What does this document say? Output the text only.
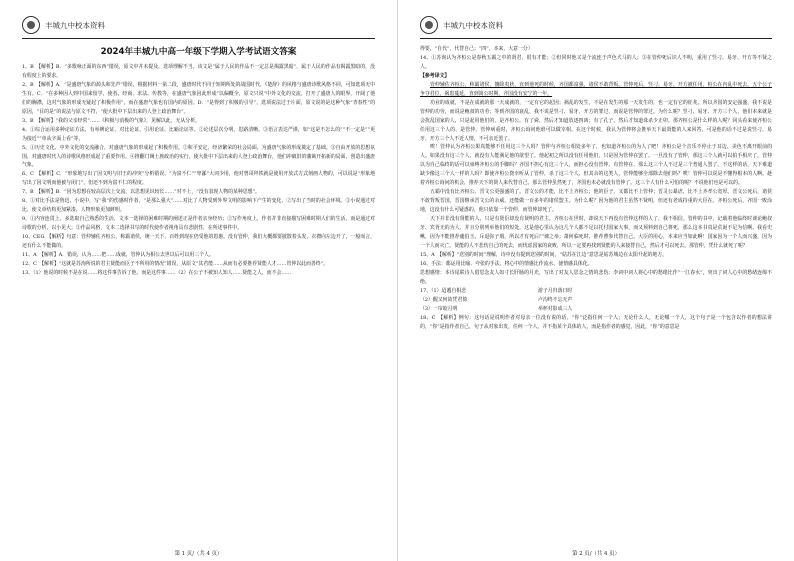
丰城九中校本资料
2024年丰城九中高一年级下学期入学考试语文答案

1、B　【解析】B．“多歌咏正面的东西”错误，原文中并未提及，选项理解不当。该文是“属于人民的作品不一定总是揭露黑暗”，属于人民的作品有揭露黑暗的，没有程度上的要求。

2、B　【解析】A．“是盛唐气象的源头和先声”错误，根据材料一第二段，盛唐时代不同于短期所处的战国时代，《楚辞》的风格与盛唐诗歌风格不同，可知选项无中生有。C．“在多种因人到中国来留学、使者、经商、求法、传教等，在盛唐气象因此形成”以偏概全，原文只说“中外文化的交流，打开了盛唐人的眼界，开阔了他们的胸襟，这对气象的形成无疑起了积极作用”，而在盛唐气象也有国内的原因。D．“是得到了积极的引导”，选项说法过于片面，原文说的是这种气象“青春性”的原因，“目的是”的说法与原文不符，“使大批中下层出来的人登上政治舞台”。

3、B　【解析】“我的父亲经常”……《积极与消极的气象》，见解以此，无从分析。

4、①综合运用多种论证方法，有举例论证、对比论证、引用论证、比喻论证等。②论述层次分明，思路清晰。③语言表达严谨，如“这是不怎么的”“不一定是”“更为接近”“单从字面上看”等。

5、①历史文化、中外文化的交流融合，对盛唐气象的形成起了积极作用。②和平安定、经济繁荣的社会局面，为盛唐气象的形成奠定了基础。③自由开放的思想氛围，对盛唐时代人的诗歌风格形成起了重要作用。④推翻门阀士族政治的实行，使大批中下层出来的人登上政治舞台，他们冲破旧的藩篱开拓新的局面，创造出盛唐气象。

6、C　【解析】C．“形象地写出了因文明与旧王的冲突”分析错误，“为富不仁”“卑鄙”大词少用，他对曾哥拜铁就是使用开放式方式刻画人物的，可以说是“形象地写出了因文明而他被与闭门”，但还不到为富不仁的程度。

7、B　【解析】B．“因为思想在较高层次上交流，以思想见识较长……”对不上，“没有表现人物的某种思想”。

8、①对比手法是鲁迅，小说中，写“我”的伤感时作者，“是那么强大”……对比了人物受到外界文明的影响下产生的变化，②写出了当时的社会环境。③小说通过对比，使文章结构更加紧凑，人物形象更加鲜明。

9、①内容连贯上，多选取自己熟悉的生活，文本一选择的困难时期的阐述正是作者亲身经历；②写作角度上，作者并非直接描写困难时期人们的生活，而是通过对诗歌的分析，以小见大；③作品风格，文本二选择书写的时代使作者视角具有悲剧性，在所述事件中。

10、CEG　【解析】句意：管仲辅佐齐桓公，称霸诸侯，统一天下，百姓到现在仍受他的恩惠。没有管仲，我们大概都要披散着头发，衣襟向左边开了，一般而言，还有什么不能做的。

11、A　【解析】A．错误，认为……把……成就，管仲认为相公去世以后可以用三个人。

12、C　【解析】“这就是苏洵所说的君主贤能而臣子不所用的情况”错误，从原文“其君能……从而有必要推荐贤能人才……管仲以此而善终”。

13、（1）他说的时候不是在说……将这件事告诉了他，而是这件事……（2）在公子不被知人知人……贤能之人，而不会……

第 1 页/（共 4 页）
丰城九中校本资料

得要，“自代”，代替自己；“四”，本来，大意一分）

14、①苏洵认为齐桓公是春秋五霸之中的贤君，很有才能；②但同时他又是个流连于声色犬马的人；③在管仲死后识人不明，重用了竖刁、易牙、开方等不贤之人。

【参考译文】

管仲辅佐齐桓公，称霸诸侯，攘除夷狄，直到他死的时候，齐国都富强，诸侯不敢背叛。管仲死后，竖刁、易牙、开方被任用，桓公在内乱中死去，五个公子争夺君位，祸患蔓延，直到简公时期，齐国没有安宁的一年。

功业的成就，不是在成就的那一天成就的，一定有它的起因；祸乱的发生，不是在发生的那一天发生的，也一定有它的征兆。所以齐国的安定强盛，我不说是管仲的功劳，而说是鲍叔的功劳；等到齐国的衰乱，我不说是竖刁、易牙、开方的罪过，而说是管仲的罪过。为什么呢？竖刁、易牙、开方三个人，他们本来就是会扰乱国家的人，只是起用他们的，是齐桓公。有了舜，然后才知道放逐四凶；有了孔子，然后才知道诛杀少正卯。那齐桓公是什么样的人呢？回头看来使齐桓公任用这三个人的，是管仲。管仲病重时，齐桓公询问他谁可以做宰相。在这个时候，我认为管仲将会推举天下最贤能的人来回答，可是他的话不过是说竖刁、易牙、开方三个人不近人情，不可亲近罢了。

唉！管仲认为齐桓公果真能够不任用这三个人吗？管仲与齐桓公相处多年了，也知道齐桓公的为人了吧！齐桓公是个音乐不停止于耳边、美色不离开眼前的人。如果没有这三个人，就没有人能满足他的欲望了。他起初之所以没有任用他们，只是因为管仲在罢了。一旦没有了管仲，那这三个人就可以拍手相庆了。管仲以为自己临终的话可以束缚齐桓公的手脚吗？齐国不担心有这三个人，而担心没有管仲。有管仲在，那么这三个人不过是三个普通人罢了。不这样的话，天下难道缺少像这三个人一样的人吗？即使齐桓公侥幸听从了管仲，杀了这三个人，但其余的这类人，管仲能够全部除去他们吗？唉！管仲可以说是不懂得根本的人啊。趁着齐桓公询问的机会，推荐天下的贤人来代替自己，那么管仲虽然死了，齐国也未必就没有管仲了。这三个人有什么可怕的呢？不说他们也是可以的。

五霸中没有比齐桓公、晋文公更强盛的了。晋文公的才能，比不上齐桓公；他的臣子，又都比不上管仲；晋灵公暴虐，比不上齐孝公宽厚。晋文公死后，诸侯不敢背叛晋国，晋国继承晋文公的余威，还能做一百多年的诸侯盟主。为什么呢？因为他的君主虽然不贤明，但还有老成持重的大臣在。齐桓公死后，齐国一败涂地，这没有什么可疑惑的，他只依靠一个管仲，而管仲却死了。

天下并非没有贤能的人，只是有贤臣却没有贤明的君主。齐桓公在世时，却说天下再没有管仲这样的人了，我不相信。管仲的书中，记载着他临终时谈论鲍叔牙、宾胥无的为人，并且分别列举他们的短处。这是他心里认为这几个人都不足以托付国家大事，而又预料到自己将死，那么这本书真是荒诞不足为信啊。我看史鳅，因为不能推荐蘧伯玉、斥退弥子瑕，所以才有死后尸谏之举；萧何临死时，推荐曹参代替自己。大臣的用心，本来应当如此啊！国家因为一个人而兴盛，因为一个人而灭亡。贤能的人不悲伤自己的死去，而忧虑国家的衰败，所以一定要再找到贤能的人来接替自己，然后才可以死去。那管仲，凭什么就死了呢？

15、A　【解析】“送别的时间”理解，诗中没有提到送别的时间，“姑苏在江边”意思是姑苏城边在太阳升起的地方。

16、手法：都运用比喻、夸张的手法，将心中的情感比作流水，使情感具体化。

思想感情：本诗尾联诗人借思念友人如寸长肝肠的月光，写出了对友人思念之情的悲伤；李词中词人将心中的愁绪比作“一江春水”，突出了词人心中的愁绪连绵不绝。

17、（1）迢遞自相悲　　　	游子月归落日时

（2）醒又何故凭君倚	卢沟终不忘无声

（3）一帘皎月明	举杯对影成三人

18、C　【解析】例句：这句话是说明作者对母亲一位没有说的话，“你”泛指任何一个人；无论什么人，无论哪一个人，这个句子是一个包含以作者的想法讲的，“你”是指作者自己，句子从对象出发，任何一个人，并不指某个具体的人，而是指作者的感觉，因此，“你”的意思是

第 2 页/（共 4 页）
